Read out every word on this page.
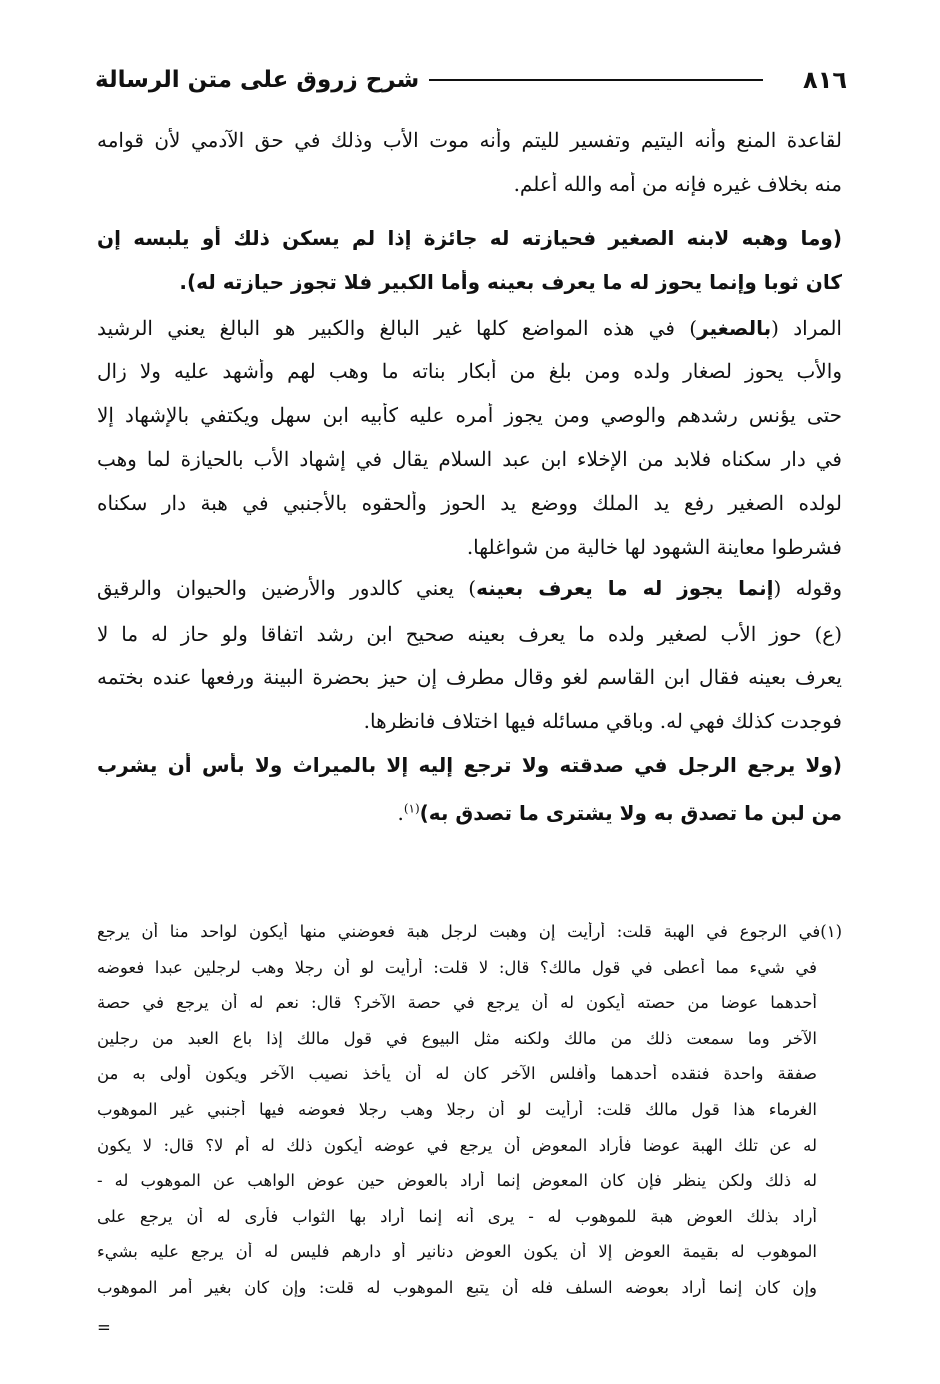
٨١٦
شرح زروق على متن الرسالة
لقاعدة المنع وأنه اليتيم وتفسير لليتم وأنه موت الأب وذلك في حق الآدمي لأن قوامه
منه بخلاف غيره فإنه من أمه والله أعلم.
(وما وهبه لابنه الصغير فحيازته له جائزة إذا لم يسكن ذلك أو يلبسه إن
كان ثوبا وإنما يحوز له ما يعرف بعينه وأما الكبير فلا تجوز حيازته له).
المراد (بالصغير) في هذه المواضع كلها غير البالغ والكبير هو البالغ يعني الرشيد
والأب يحوز لصغار ولده ومن بلغ من أبكار بناته ما وهب لهم وأشهد عليه ولا زال
حتى يؤنس رشدهم والوصي ومن يجوز أمره عليه كأبيه ابن سهل ويكتفي بالإشهاد إلا
في دار سكناه فلابد من الإخلاء ابن عبد السلام يقال في إشهاد الأب بالحيازة لما وهب
لولده الصغير رفع يد الملك ووضع يد الحوز وألحقوه بالأجنبي في هبة دار سكناه
فشرطوا معاينة الشهود لها خالية من شواغلها.
وقوله (إنما يجوز له ما يعرف بعينه) يعني كالدور والأرضين والحيوان والرقيق
(ع) حوز الأب لصغير ولده ما يعرف بعينه صحيح ابن رشد اتفاقا ولو حاز له ما لا
يعرف بعينه فقال ابن القاسم لغو وقال مطرف إن حيز بحضرة البينة ورفعها عنده بختمه
فوجدت كذلك فهي له. وباقي مسائله فيها اختلاف فانظرها.
(ولا يرجع الرجل في صدقته ولا ترجع إليه إلا بالميراث ولا بأس أن يشرب
من لبن ما تصدق به ولا يشترى ما تصدق به)$^{(١)}$.
(١)في الرجوع في الهبة قلت: أرأيت إن وهبت لرجل هبة فعوضني منها أيكون لواحد منا أن يرجع
في شيء مما أعطى في قول مالك؟ قال: لا قلت: أرأيت لو أن رجلا وهب لرجلين عبدا فعوضه
أحدهما عوضا من حصته أيكون له أن يرجع في حصة الآخر؟ قال: نعم له أن يرجع في حصة
الآخر وما سمعت ذلك من مالك ولكنه مثل البيوع في قول مالك إذا باع العبد من رجلين
صفقة واحدة فنقده أحدهما وأفلس الآخر كان له أن يأخذ نصيب الآخر ويكون أولى به من
الغرماء هذا قول مالك قلت: أرأيت لو أن رجلا وهب رجلا فعوضه فيها أجنبي غير الموهوب
له عن تلك الهبة عوضا فأراد المعوض أن يرجع في عوضه أيكون ذلك له أم لا؟ قال: لا يكون
له ذلك ولكن ينظر فإن كان المعوض إنما أراد بالعوض حين عوض الواهب عن الموهوب له -
أراد بذلك العوض هبة للموهوب له - يرى أنه إنما أراد بها الثواب فأرى له أن يرجع على
الموهوب له بقيمة العوض إلا أن يكون العوض دنانير أو دارهم فليس له أن يرجع عليه بشيء
وإن كان إنما أراد بعوضه السلف فله أن يتبع الموهوب له قلت: وإن كان بغير أمر الموهوب
=
